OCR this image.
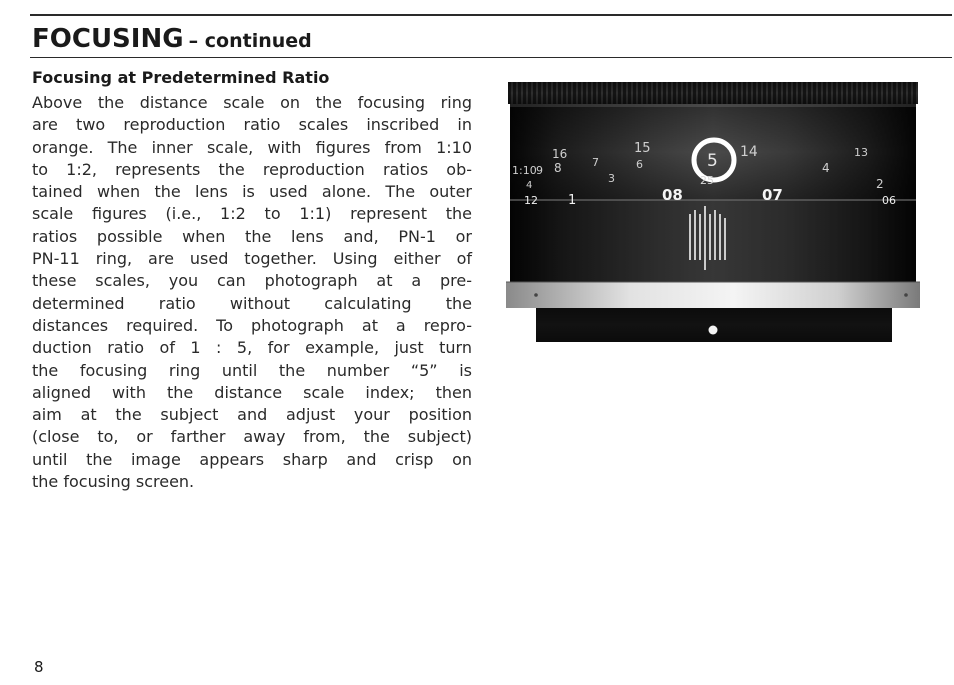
FOCUSING – continued
Focusing at Predetermined Ratio
Above the distance scale on the focusing ring
are two reproduction ratio scales inscribed in
orange. The inner scale, with figures from 1:10
to 1:2, represents the reproduction ratios ob-
tained when the lens is used alone. The outer
scale figures (i.e., 1:2 to 1:1) represent the
ratios possible when the lens and, PN-1 or
PN-11 ring, are used together. Using either of
these scales, you can photograph at a pre-
determined ratio without calculating the
distances required. To photograph at a repro-
duction ratio of 1 : 5, for example, just turn
the focusing ring until the number “5” is
aligned with the distance scale index; then
aim at the subject and adjust your position
(close to, or farther away from, the subject)
until the image appears sharp and crisp on
the focusing screen.
16
8	7
3
15
6
1:10 9
4
12
14
4
13
2
06
1	08	07
5
25
8
